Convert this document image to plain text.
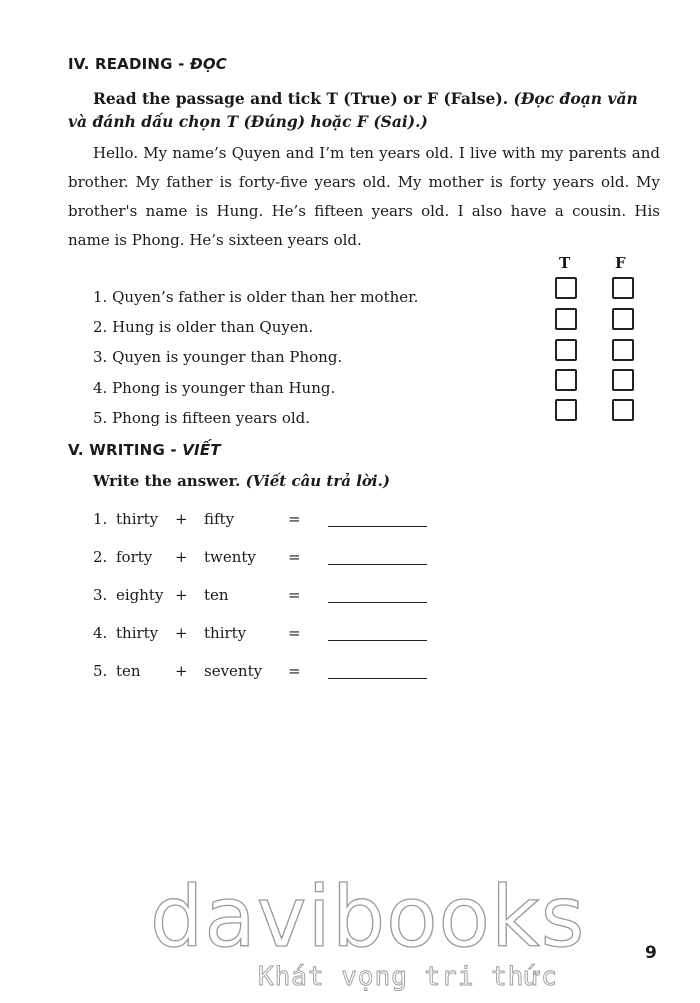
IV. READING - ĐỌC
Read the passage and tick T (True) or F (False). (Đọc đoạn văn và đánh dấu chọn T (Đúng) hoặc F (Sai).)
Hello. My name’s Quyen and I’m ten years old. I live with my parents and brother. My father is forty-five years old. My mother is forty years old. My brother's name is Hung. He’s fifteen years old. I also have a cousin. His name is Phong. He’s sixteen years old.
T	F
1. Quyen’s father is older than her mother.
2. Hung is older than Quyen.
3. Quyen is younger than Phong.
4. Phong is younger than Hung.
5. Phong is fifteen years old.
V. WRITING - VIẾT
Write the answer. (Viết câu trả lời.)
1. thirty + fifty	=
2. forty + twenty =
3. eighty + ten	=
4. thirty + thirty	=
5. ten + seventy =
davibooks
Khát vọng tri thức
9
